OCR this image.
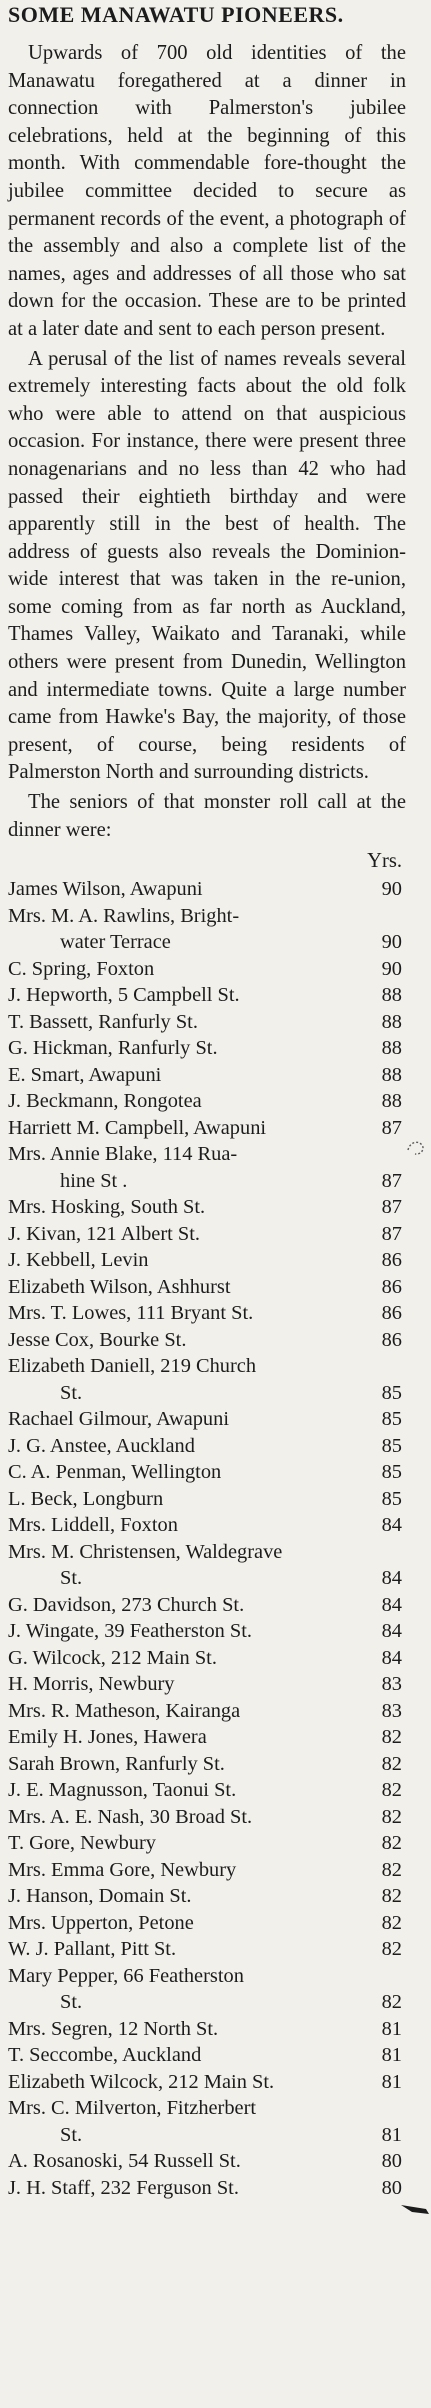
SOME MANAWATU PIONEERS.

Upwards of 700 old identities of the Manawatu foregathered at a dinner in connection with Palmerston's jubilee celebrations, held at the beginning of this month. With commendable fore-thought the jubilee committee decided to secure as permanent records of the event, a photograph of the assembly and also a complete list of the names, ages and addresses of all those who sat down for the occasion. These are to be printed at a later date and sent to each person present.

A perusal of the list of names reveals several extremely interesting facts about the old folk who were able to attend on that auspicious occasion. For instance, there were present three nonagenarians and no less than 42 who had passed their eightieth birthday and were apparently still in the best of health. The address of guests also reveals the Dominion-wide interest that was taken in the re-union, some coming from as far north as Auckland, Thames Valley, Waikato and Taranaki, while others were present from Dunedin, Wellington and intermediate towns. Quite a large number came from Hawke's Bay, the majority, of those present, of course, being residents of Palmerston North and surrounding districts.

The seniors of that monster roll call at the dinner were:

Yrs.
James Wilson, Awapuni	90
Mrs. M. A. Rawlins, Bright-
water Terrace	90
C. Spring, Foxton	90
J. Hepworth, 5 Campbell St.	88
T. Bassett, Ranfurly St.	88
G. Hickman, Ranfurly St.	88
E. Smart, Awapuni	88
J. Beckmann, Rongotea	88
Harriett M. Campbell, Awapuni	87
Mrs. Annie Blake, 114 Rua-
hine St .	87
Mrs. Hosking, South St.	87
J. Kivan, 121 Albert St.	87
J. Kebbell, Levin	86
Elizabeth Wilson, Ashhurst	86
Mrs. T. Lowes, 111 Bryant St.	86
Jesse Cox, Bourke St.	86
Elizabeth Daniell, 219 Church
St.	85
Rachael Gilmour, Awapuni	85
J. G. Anstee, Auckland	85
C. A. Penman, Wellington	85
L. Beck, Longburn	85
Mrs. Liddell, Foxton	84
Mrs. M. Christensen, Waldegrave
St.	84
G. Davidson, 273 Church St.	84
J. Wingate, 39 Featherston St.	84
G. Wilcock, 212 Main St.	84
H. Morris, Newbury	83
Mrs. R. Matheson, Kairanga	83
Emily H. Jones, Hawera	82
Sarah Brown, Ranfurly St.	82
J. E. Magnusson, Taonui St.	82
Mrs. A. E. Nash, 30 Broad St.	82
T. Gore, Newbury	82
Mrs. Emma Gore, Newbury	82
J. Hanson, Domain St.	82
Mrs. Upperton, Petone	82
W. J. Pallant, Pitt St.	82
Mary Pepper, 66 Featherston
St.	82
Mrs. Segren, 12 North St.	81
T. Seccombe, Auckland	81
Elizabeth Wilcock, 212 Main St.	81
Mrs. C. Milverton, Fitzherbert
St.	81
A. Rosanoski, 54 Russell St.	80
J. H. Staff, 232 Ferguson St.	80
